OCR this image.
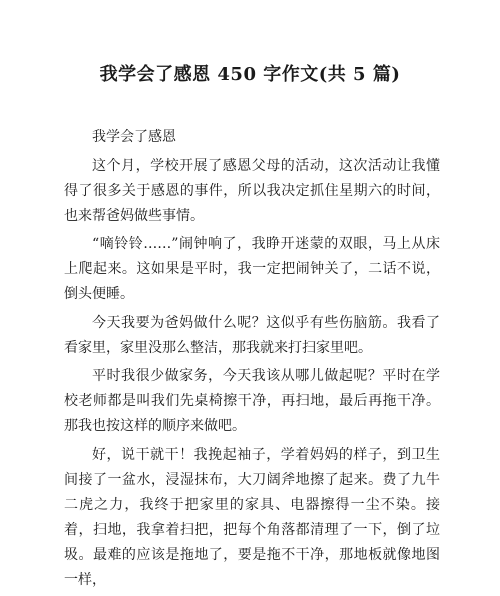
我学会了感恩 450 字作文(共 5 篇)

我学会了感恩

这个月，学校开展了感恩父母的活动，这次活动让我懂得了很多关于感恩的事件，所以我决定抓住星期六的时间，也来帮爸妈做些事情。

“嘀铃铃……”闹钟响了，我睁开迷蒙的双眼，马上从床上爬起来。这如果是平时，我一定把闹钟关了，二话不说，倒头便睡。

今天我要为爸妈做什么呢？这似乎有些伤脑筋。我看了看家里，家里没那么整洁，那我就来打扫家里吧。

平时我很少做家务，今天我该从哪儿做起呢？平时在学校老师都是叫我们先桌椅擦干净，再扫地，最后再拖干净。那我也按这样的顺序来做吧。

好，说干就干！我挽起袖子，学着妈妈的样子，到卫生间接了一盆水，浸湿抹布，大刀阔斧地擦了起来。费了九牛二虎之力，我终于把家里的家具、电器擦得一尘不染。接着，扫地，我拿着扫把，把每个角落都清理了一下，倒了垃圾。最难的应该是拖地了，要是拖不干净，那地板就像地图一样，
